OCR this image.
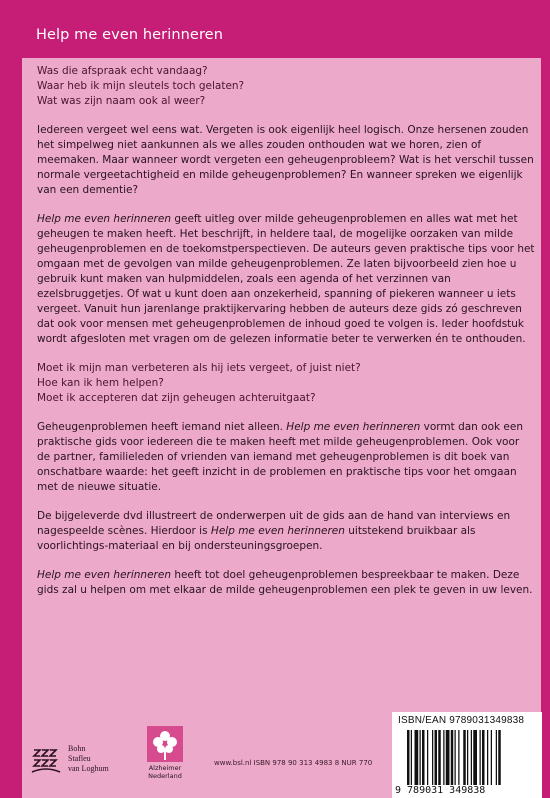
Help me even herinneren

Was die afspraak echt vandaag?
Waar heb ik mijn sleutels toch gelaten?
Wat was zijn naam ook al weer?

Iedereen vergeet wel eens wat. Vergeten is ook eigenlijk heel logisch. Onze hersenen zouden het simpelweg niet aankunnen als we alles zouden onthouden wat we horen, zien of meemaken. Maar wanneer wordt vergeten een geheugenprobleem? Wat is het verschil tussen normale vergeetachtigheid en milde geheugenproblemen? En wanneer spreken we eigenlijk van een dementie?

Help me even herinneren geeft uitleg over milde geheugenproblemen en alles wat met het geheugen te maken heeft. Het beschrijft, in heldere taal, de mogelijke oorzaken van milde geheugenproblemen en de toekomstperspectieven. De auteurs geven praktische tips voor het omgaan met de gevolgen van milde geheugenproblemen. Ze laten bijvoorbeeld zien hoe u gebruik kunt maken van hulpmiddelen, zoals een agenda of het verzinnen van ezelsbruggetjes. Of wat u kunt doen aan onzekerheid, spanning of piekeren wanneer u iets vergeet. Vanuit hun jarenlange praktijkervaring hebben de auteurs deze gids zó geschreven dat ook voor mensen met geheugenproblemen de inhoud goed te volgen is. Ieder hoofdstuk wordt afgesloten met vragen om de gelezen informatie beter te verwerken én te onthouden.

Moet ik mijn man verbeteren als hij iets vergeet, of juist niet?
Hoe kan ik hem helpen?
Moet ik accepteren dat zijn geheugen achteruitgaat?

Geheugenproblemen heeft iemand niet alleen. Help me even herinneren vormt dan ook een praktische gids voor iedereen die te maken heeft met milde geheugenproblemen. Ook voor de partner, familieleden of vrienden van iemand met geheugenproblemen is dit boek van onschatbare waarde: het geeft inzicht in de problemen en praktische tips voor het omgaan met de nieuwe situatie.

De bijgeleverde dvd illustreert de onderwerpen uit de gids aan de hand van interviews en nagespeelde scènes. Hierdoor is Help me even herinneren uitstekend bruikbaar als voorlichtings-materiaal en bij ondersteuningsgroepen.

Help me even herinneren heeft tot doel geheugenproblemen bespreekbaar te maken. Deze gids zal u helpen om met elkaar de milde geheugenproblemen een plek te geven in uw leven.

Bohn
Stafleu
van Loghum	Alzheimer Nederland
www.bsl.nl ISBN 978 90 313 4983 8 NUR 770
ISBN/EAN 9789031349838
9 789031 349838
